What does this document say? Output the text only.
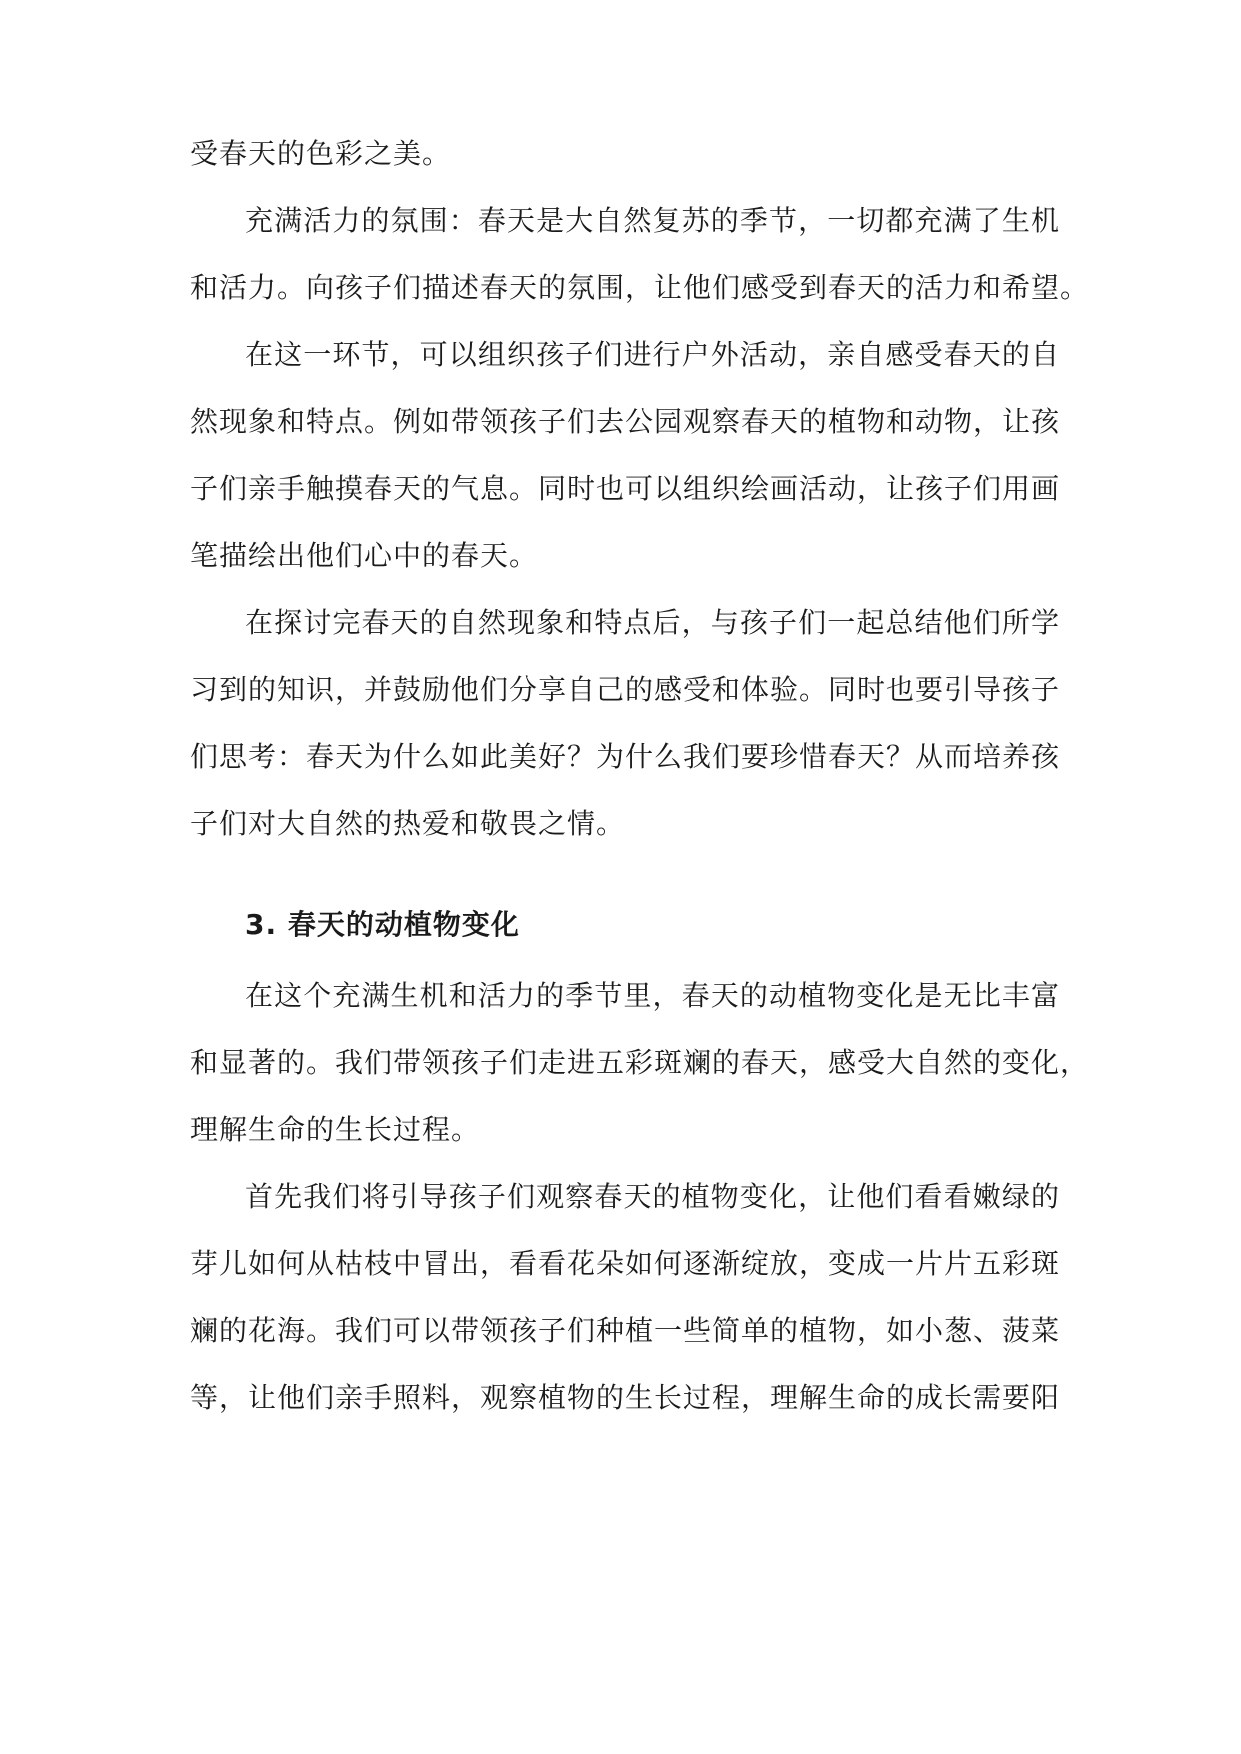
受春天的色彩之美。
充满活力的氛围：春天是大自然复苏的季节，一切都充满了生机
和活力。向孩子们描述春天的氛围，让他们感受到春天的活力和希望。
在这一环节，可以组织孩子们进行户外活动，亲自感受春天的自
然现象和特点。例如带领孩子们去公园观察春天的植物和动物，让孩
子们亲手触摸春天的气息。同时也可以组织绘画活动，让孩子们用画
笔描绘出他们心中的春天。
在探讨完春天的自然现象和特点后，与孩子们一起总结他们所学
习到的知识，并鼓励他们分享自己的感受和体验。同时也要引导孩子
们思考：春天为什么如此美好？为什么我们要珍惜春天？从而培养孩
子们对大自然的热爱和敬畏之情。
3. 春天的动植物变化
在这个充满生机和活力的季节里，春天的动植物变化是无比丰富
和显著的。我们带领孩子们走进五彩斑斓的春天，感受大自然的变化，
理解生命的生长过程。
首先我们将引导孩子们观察春天的植物变化，让他们看看嫩绿的
芽儿如何从枯枝中冒出，看看花朵如何逐渐绽放，变成一片片五彩斑
斓的花海。我们可以带领孩子们种植一些简单的植物，如小葱、菠菜
等，让他们亲手照料，观察植物的生长过程，理解生命的成长需要阳
